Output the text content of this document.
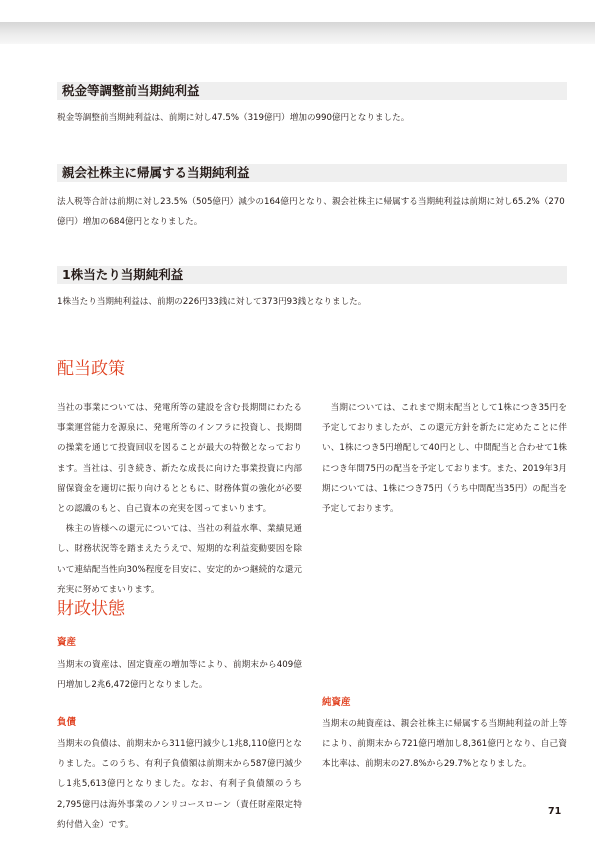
税金等調整前当期純利益

税金等調整前当期純利益は、前期に対し47.5%（319億円）増加の990億円となりました。

親会社株主に帰属する当期純利益

法人税等合計は前期に対し23.5%（505億円）減少の164億円となり、親会社株主に帰属する当期純利益は前期に対し65.2%（270億円）増加の684億円となりました。

1株当たり当期純利益

1株当たり当期純利益は、前期の226円33銭に対して373円93銭となりました。

配当政策

当社の事業については、発電所等の建設を含む長期間にわたる事業運営能力を源泉に、発電所等のインフラに投資し、長期間の操業を通じて投資回収を図ることが最大の特徴となっております。当社は、引き続き、新たな成長に向けた事業投資に内部留保資金を適切に振り向けるとともに、財務体質の強化が必要との認識のもと、自己資本の充実を図ってまいります。

株主の皆様への還元については、当社の利益水準、業績見通し、財務状況等を踏まえたうえで、短期的な利益変動要因を除いて連結配当性向30%程度を目安に、安定的かつ継続的な還元充実に努めてまいります。

当期については、これまで期末配当として1株につき35円を予定しておりましたが、この還元方針を新たに定めたことに伴い、1株につき5円増配して40円とし、中間配当と合わせて1株につき年間75円の配当を予定しております。また、2019年3月期については、1株につき75円（うち中間配当35円）の配当を予定しております。

財政状態
資産

当期末の資産は、固定資産の増加等により、前期末から409億円増加し2兆6,472億円となりました。

負債

当期末の負債は、前期末から311億円減少し1兆8,110億円となりました。このうち、有利子負債額は前期末から587億円減少し1兆5,613億円となりました。なお、有利子負債額のうち2,795億円は海外事業のノンリコースローン（責任財産限定特約付借入金）です。

純資産

当期末の純資産は、親会社株主に帰属する当期純利益の計上等により、前期末から721億円増加し8,361億円となり、自己資本比率は、前期末の27.8%から29.7%となりました。

71
